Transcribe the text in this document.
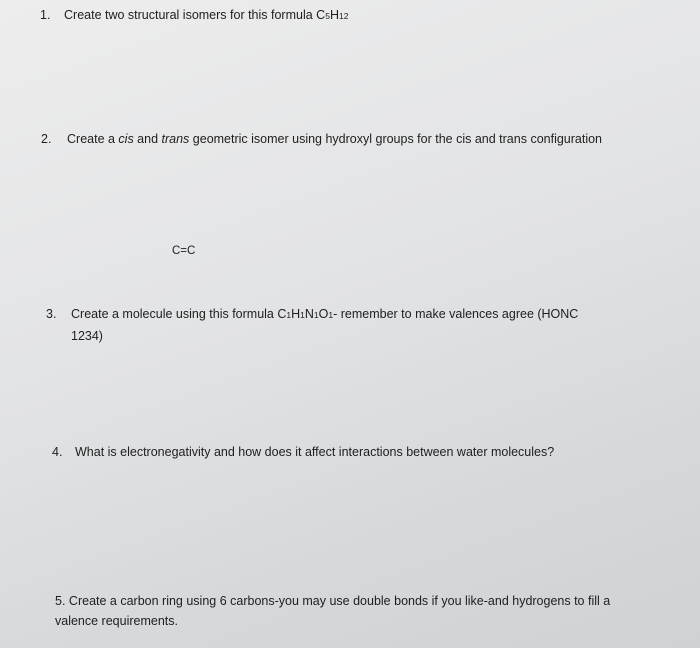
1. Create two structural isomers for this formula C5H12
2. Create a cis and trans geometric isomer using hydroxyl groups for the cis and trans configuration
C=C
3. Create a molecule using this formula C1H1N1O1- remember to make valences agree (HONC
1234)
4. What is electronegativity and how does it affect interactions between water molecules?
5. Create a carbon ring using 6 carbons-you may use double bonds if you like-and hydrogens to fill a
valence requirements.
